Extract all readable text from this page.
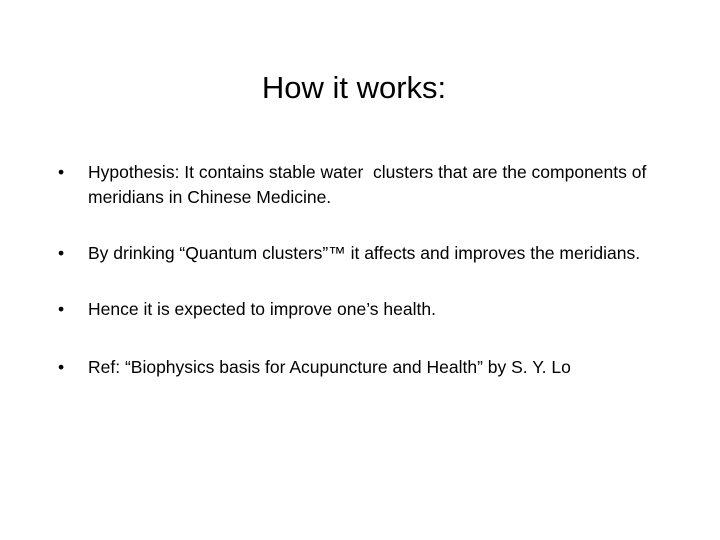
How it works:
•	Hypothesis: It contains stable water  clusters that are the components of meridians in Chinese Medicine.
•	By drinking “Quantum clusters”™ it affects and improves the meridians.
•	Hence it is expected to improve one’s health.
•	Ref: “Biophysics basis for Acupuncture and Health” by S. Y. Lo
